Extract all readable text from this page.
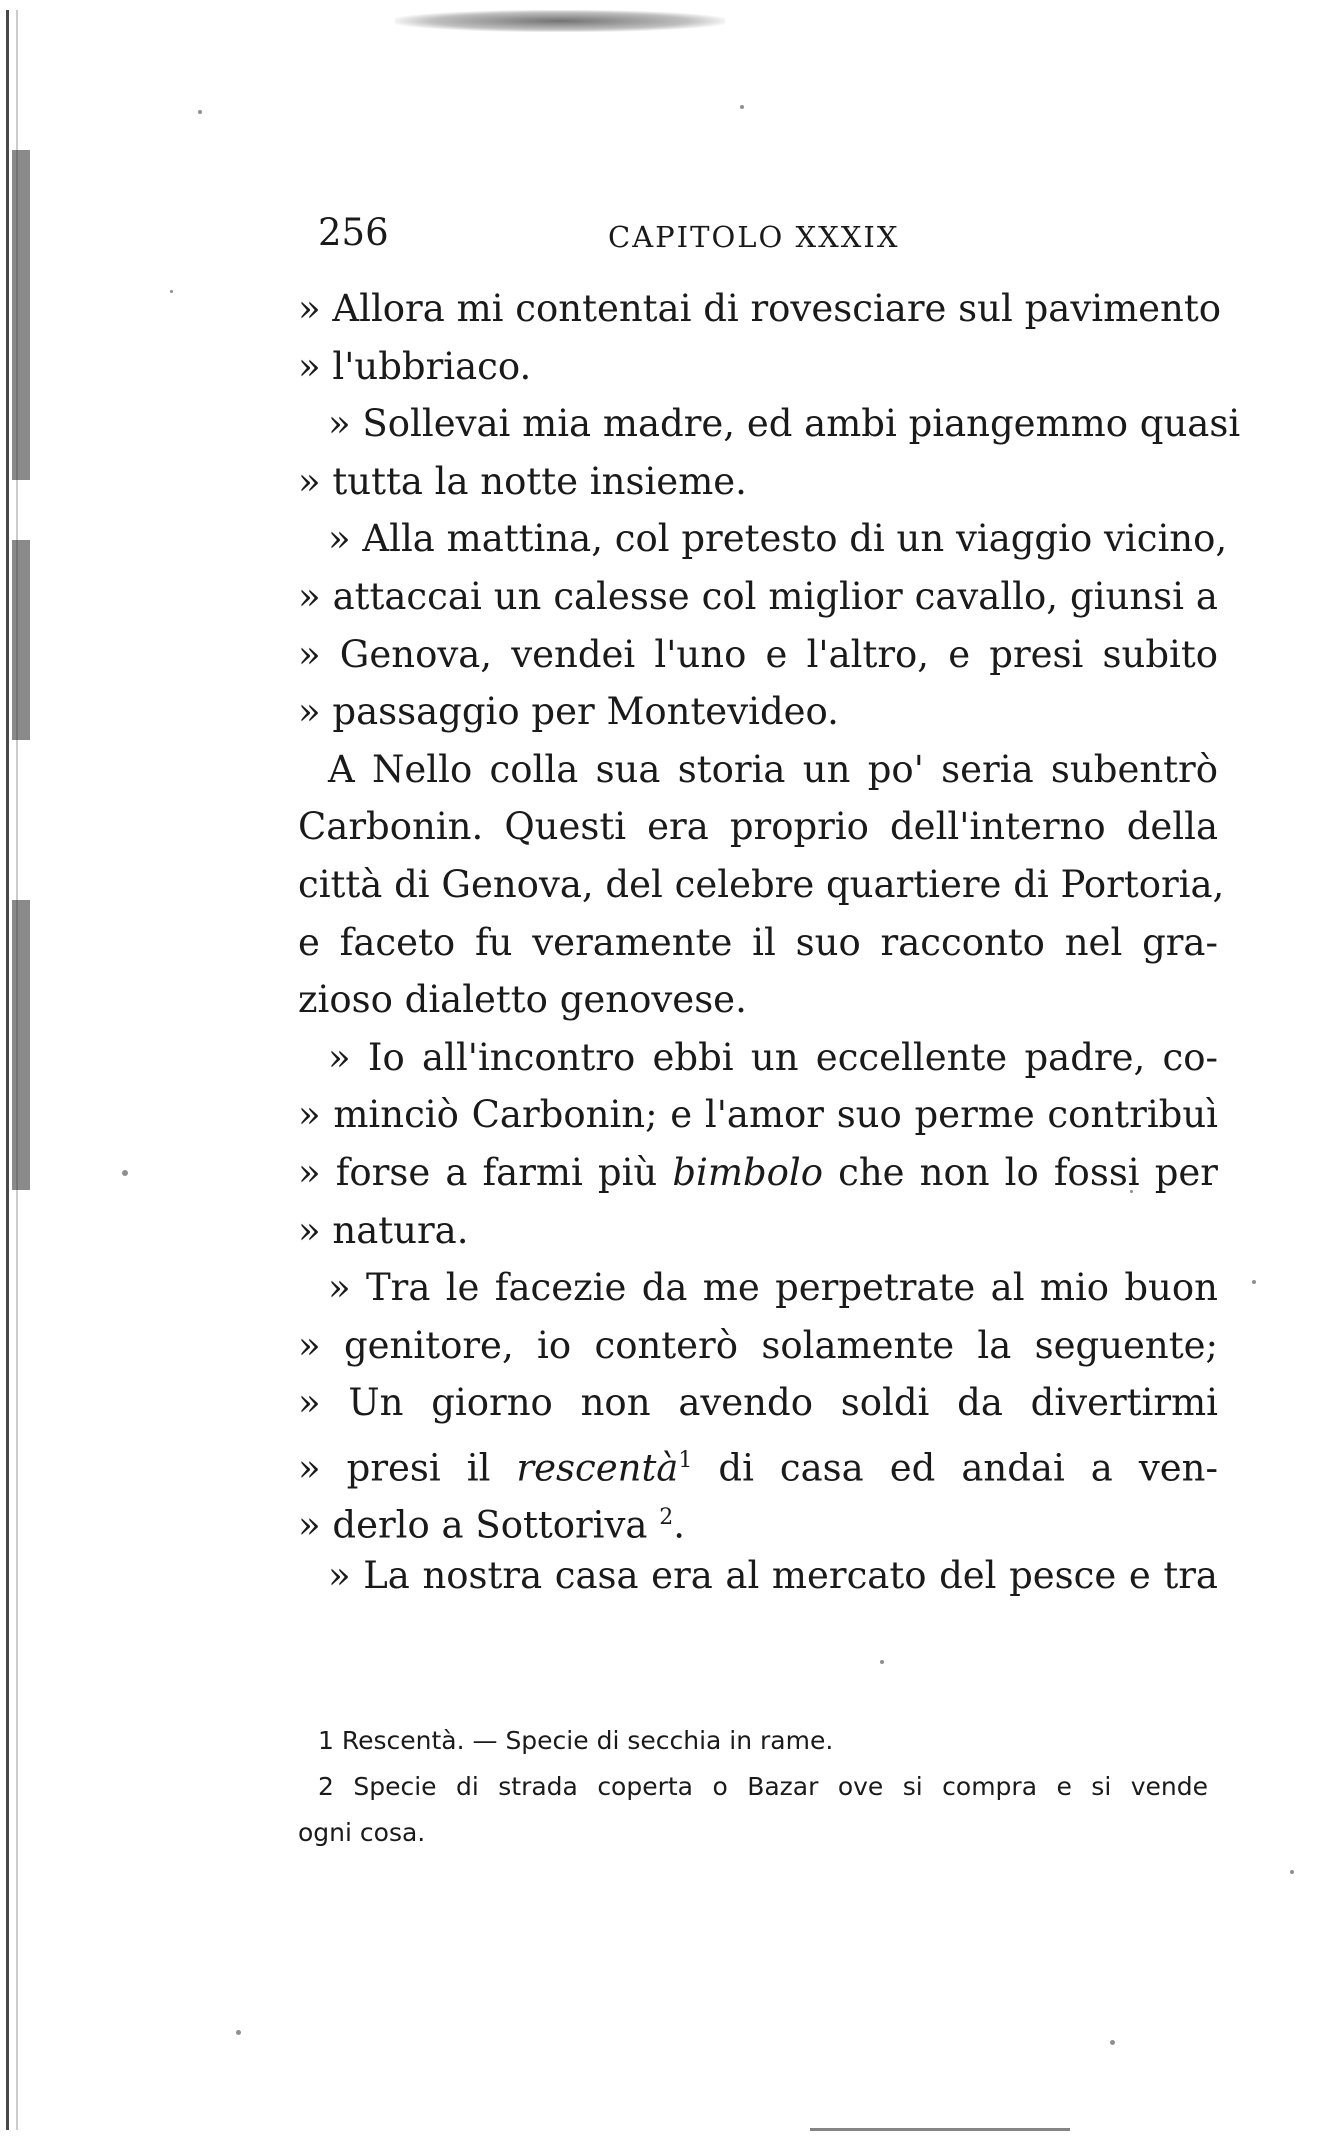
256	CAPITOLO XXXIX
» Allora mi contentai di rovesciare sul pavimento
» l'ubbriaco.
» Sollevai mia madre, ed ambi piangemmo quasi
» tutta la notte insieme.
» Alla mattina, col pretesto di un viaggio vicino,
» attaccai un calesse col miglior cavallo, giunsi a
» Genova, vendei l'uno e l'altro, e presi subito
» passaggio per Montevideo.
A Nello colla sua storia un po' seria subentrò
Carbonin. Questi era proprio dell'interno della
città di Genova, del celebre quartiere di Portoria,
e faceto fu veramente il suo racconto nel gra-
zioso dialetto genovese.
» Io all'incontro ebbi un eccellente padre, co-
» minciò Carbonin; e l'amor suo perme contribuì
» forse a farmi più bimbolo che non lo fossi per
» natura.
» Tra le facezie da me perpetrate al mio buon
» genitore, io conterò solamente la seguente;
» Un giorno non avendo soldi da divertirmi
» presi il rescentà$^1$ di casa ed andai a ven-
» derlo a Sottoriva $^2$.
» La nostra casa era al mercato del pesce e tra
1 Rescentà. — Specie di secchia in rame.
2 Specie di strada coperta o Bazar ove si compra e si vende
ogni cosa.
